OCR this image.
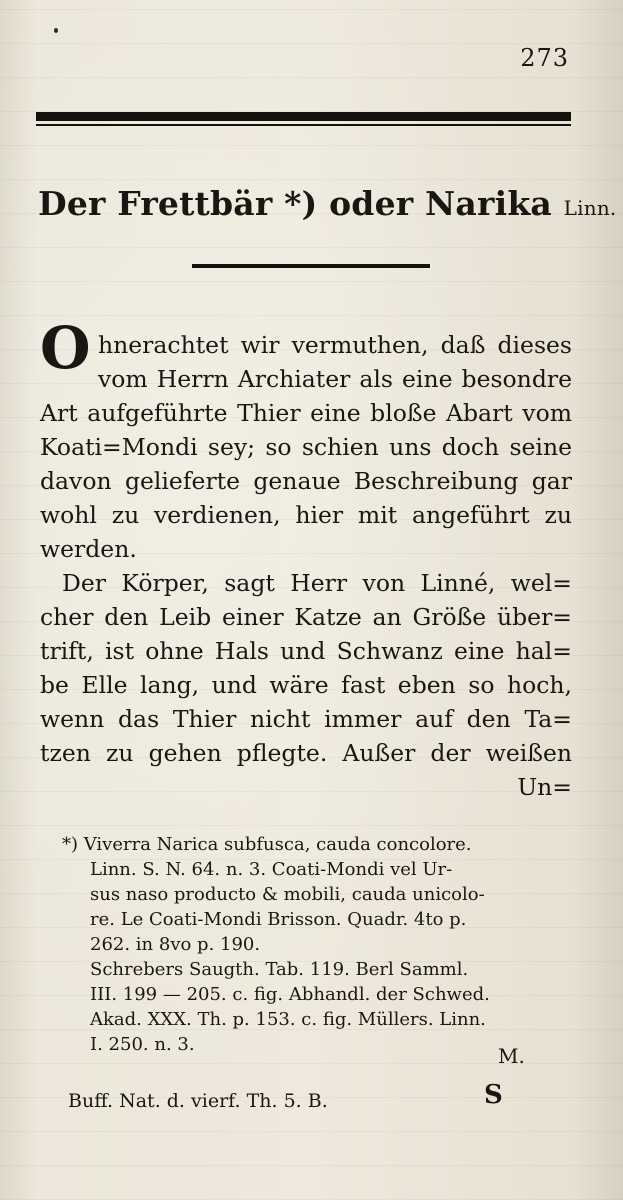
273
Der Frettbär *) oder Narika Linn.
O hnerachtet wir vermuthen, daß dieses
vom Herrn Archiater als eine besondre
Art aufgeführte Thier eine bloße Abart vom
Koati=Mondi sey; so schien uns doch seine
davon gelieferte genaue Beschreibung gar
wohl zu verdienen, hier mit angeführt zu
werden.
Der Körper, sagt Herr von Linné, wel=
cher den Leib einer Katze an Größe über=
trift, ist ohne Hals und Schwanz eine hal=
be Elle lang, und wäre fast eben so hoch,
wenn das Thier nicht immer auf den Ta=
tzen zu gehen pflegte. Außer der weißen
Un=
*) Viverra Narica subfusca, cauda concolore.
Linn. S. N. 64. n. 3. Coati-Mondi vel Ur-
sus naso producto & mobili, cauda unicolo-
re. Le Coati-Mondi Brisson. Quadr. 4to p.
262. in 8vo p. 190.
Schrebers Saugth. Tab. 119. Berl Samml.
III. 199 — 205. c. fig. Abhandl. der Schwed.
Akad. XXX. Th. p. 153. c. fig. Müllers. Linn.
I. 250. n. 3.	M.
Buff. Nat. d. vierf. Th. 5. B.	S
